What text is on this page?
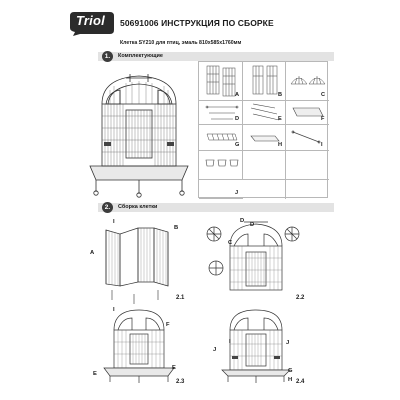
Triol 50691006 ИНСТРУКЦИЯ ПО СБОРКЕ
Клетка SY210 для птиц, эмаль 810x585x1760мм
1.	Комплектующие
A	B	C
D	E	F
G	H	I
J
2.	Сборка клетки
I
B
A
2.1
D
C
D
2.2
I
F
E
E
2.3
I
J
J
G
H 2.4
